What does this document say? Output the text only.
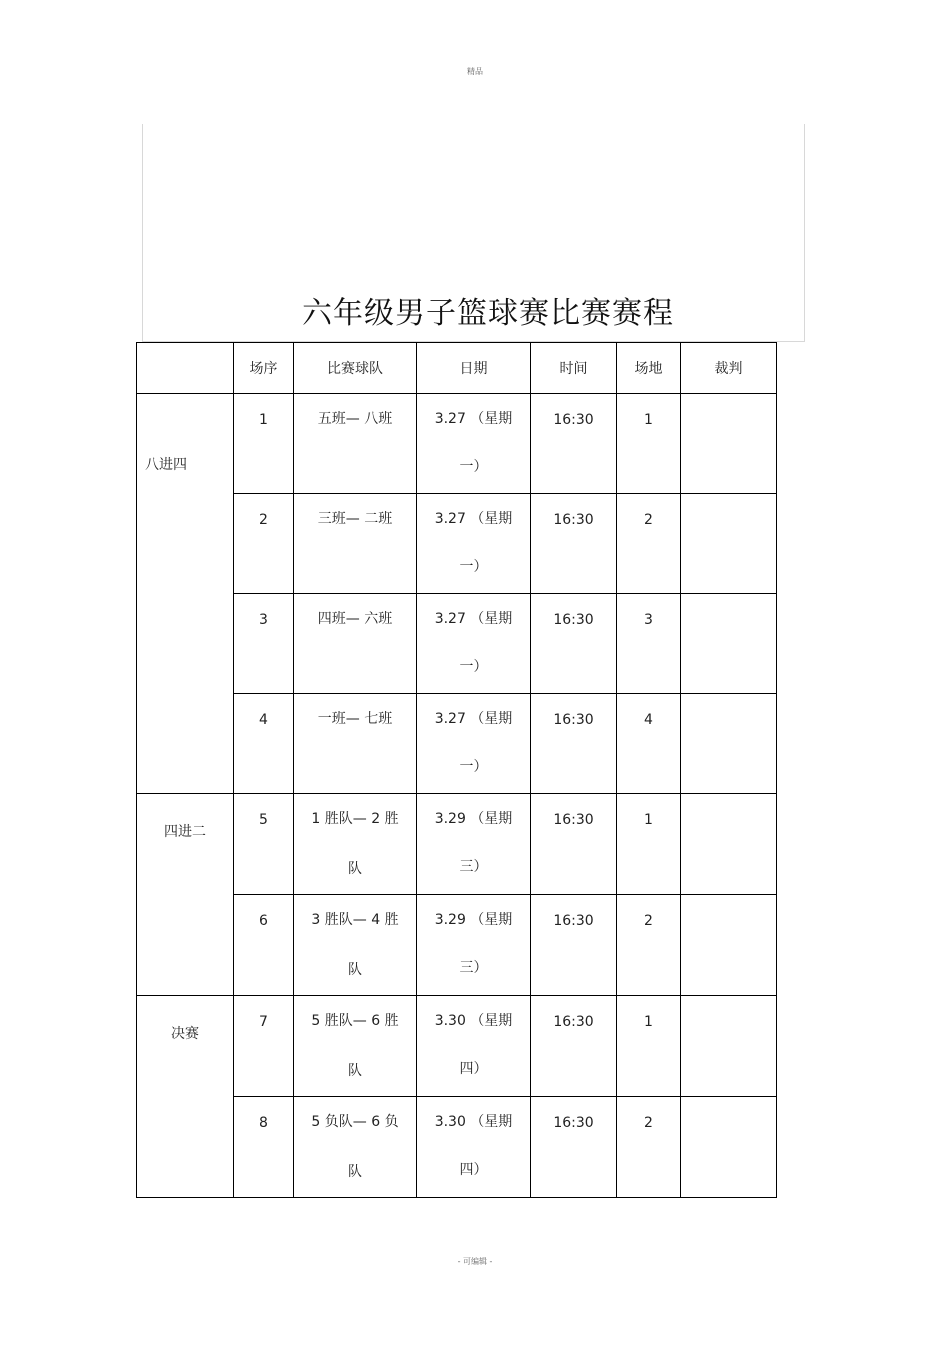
精品
六年级男子篮球赛比赛赛程
	场序	比赛球队	日期	时间	场地	裁判

八进四	1	五班— 八班	3.27 （星期
一）	16:30	1	

	2	三班— 二班	3.27 （星期
一）	16:30	2	

	3	四班— 六班	3.27 （星期
一）	16:30	3	

	4	一班— 七班	3.27 （星期
一）	16:30	4	

四进二	5	1 胜队— 2 胜
队	3.29 （星期
三）	16:30	1	

	6	3 胜队— 4 胜
队	3.29 （星期
三）	16:30	2	

决赛	7	5 胜队— 6 胜
队	3.30 （星期
四）	16:30	1	

	8	5 负队— 6 负
队	3.30 （星期
四）	16:30	2	

- 可编辑 -
